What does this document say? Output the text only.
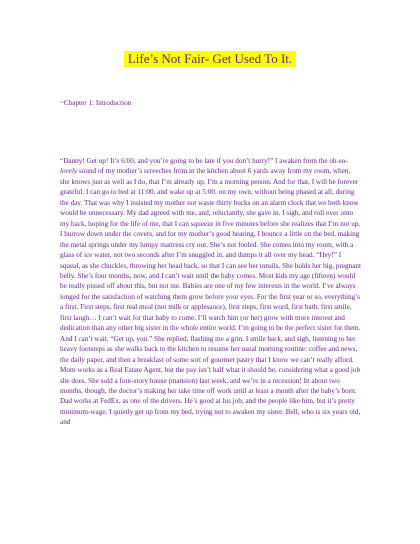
Life’s Not Fair- Get Used To It.
~Chapter 1: Introduction

“Danny! Get up! It’s 6:00, and you’re going to be late if you don’t hurry!” I awaken from the oh-so-lovely sound of my mother’s screeches from in the kitchen about 6 yards away from my room, when, she knows just as well as I do, that I’m already up. I’m a morning person. And for that, I will be forever grateful. I can go to bed at 11:00, and wake up at 5:00, on my own, without being phased at all, during the day. That was why I insisted my mother not waste thirty bucks on an alarm clock that we both know would be unnecessary. My dad agreed with me, and, reluctantly, she gave in. I sigh, and roll over onto my back, hoping for the life of me, that I can squeeze in five minutes before she realizes that I’m not up. I burrow down under the covers, and for my mother’s good hearing, I bounce a little on the bed, making the metal springs under my lumpy mattress cry out. She’s not fooled. She comes into my room, with a glass of ice water, not two seconds after I’m snuggled in, and dumps it all over my head. “Hey!” I squeal, as she chuckles, throwing her head back, so that I can see her tonsils. She holds her big, pregnant belly. She’s four months, now, and I can’t wait until the baby comes. Most kids my age (fifteen) would be really pissed off about this, but not me. Babies are one of my few interests in the world. I’ve always longed for the satisfaction of watching them grow before your eyes. For the first year or so, everything’s a first. First steps, first real meal (not milk or applesauce), first steps, first word, first bath, first smile, first laugh… I can’t wait for that baby to come. I’ll watch him (or her) grow with more interest and dedication than any other big sister in the whole entire world. I’m going to be the perfect sister for them. And I can’t wait. “Get up, you.” She replied, flashing me a grin. I smile back, and sigh, listening to her heavy footsteps as she walks back to the kitchen to resume her usual morning routine: coffee and news, the daily paper, and then a breakfast of some sort of gourmet pastry that I know we can’t really afford. Mom works as a Real Estate Agent, but the pay isn’t half what it should be, considering what a good job she does. She sold a four-story house (mansion) last week, and we’re in a recession! In about two months, though, the doctor’s making her take time off work until at least a month after the baby’s born. Dad works at FedEx, as one of the drivers. He’s good at his job, and the people like him, but it’s pretty minimum-wage. I quietly get up from my bed, trying not to awaken my sister. Bell, who is six years old, and
